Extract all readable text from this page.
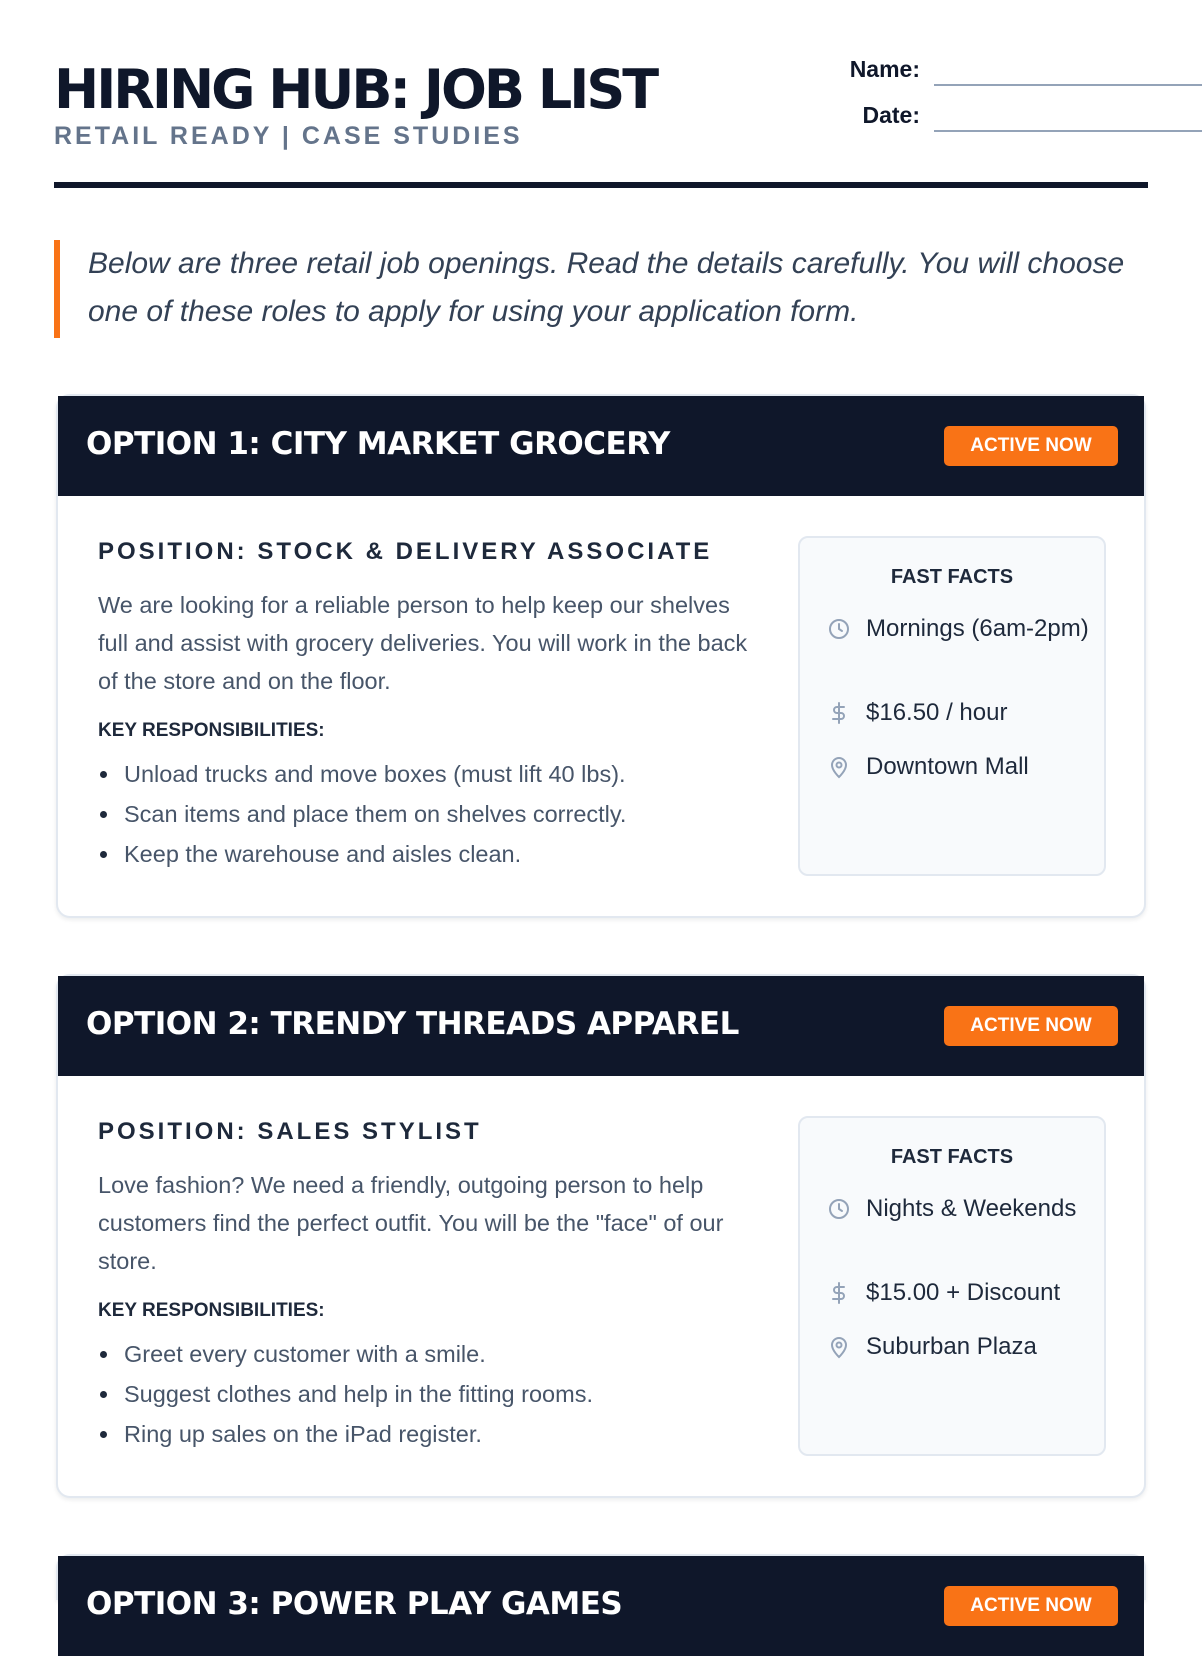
HIRING HUB: JOB LIST
RETAIL READY | CASE STUDIES
Name:
Date:
Below are three retail job openings. Read the details carefully. You will choose one of these roles to apply for using your application form.
OPTION 1: CITY MARKET GROCERY	ACTIVE NOW
POSITION: STOCK & DELIVERY ASSOCIATE

We are looking for a reliable person to help keep our shelves full and assist with grocery deliveries. You will work in the back of the store and on the floor.

KEY RESPONSIBILITIES:
Unload trucks and move boxes (must lift 40 lbs).
Scan items and place them on shelves correctly.
Keep the warehouse and aisles clean.
FAST FACTS
Mornings (6am-2pm)
$16.50 / hour
Downtown Mall
OPTION 2: TRENDY THREADS APPAREL	ACTIVE NOW
POSITION: SALES STYLIST

Love fashion? We need a friendly, outgoing person to help customers find the perfect outfit. You will be the "face" of our store.

KEY RESPONSIBILITIES:
Greet every customer with a smile.
Suggest clothes and help in the fitting rooms.
Ring up sales on the iPad register.
FAST FACTS
Nights & Weekends
$15.00 + Discount
Suburban Plaza
OPTION 3: POWER PLAY GAMES	ACTIVE NOW
